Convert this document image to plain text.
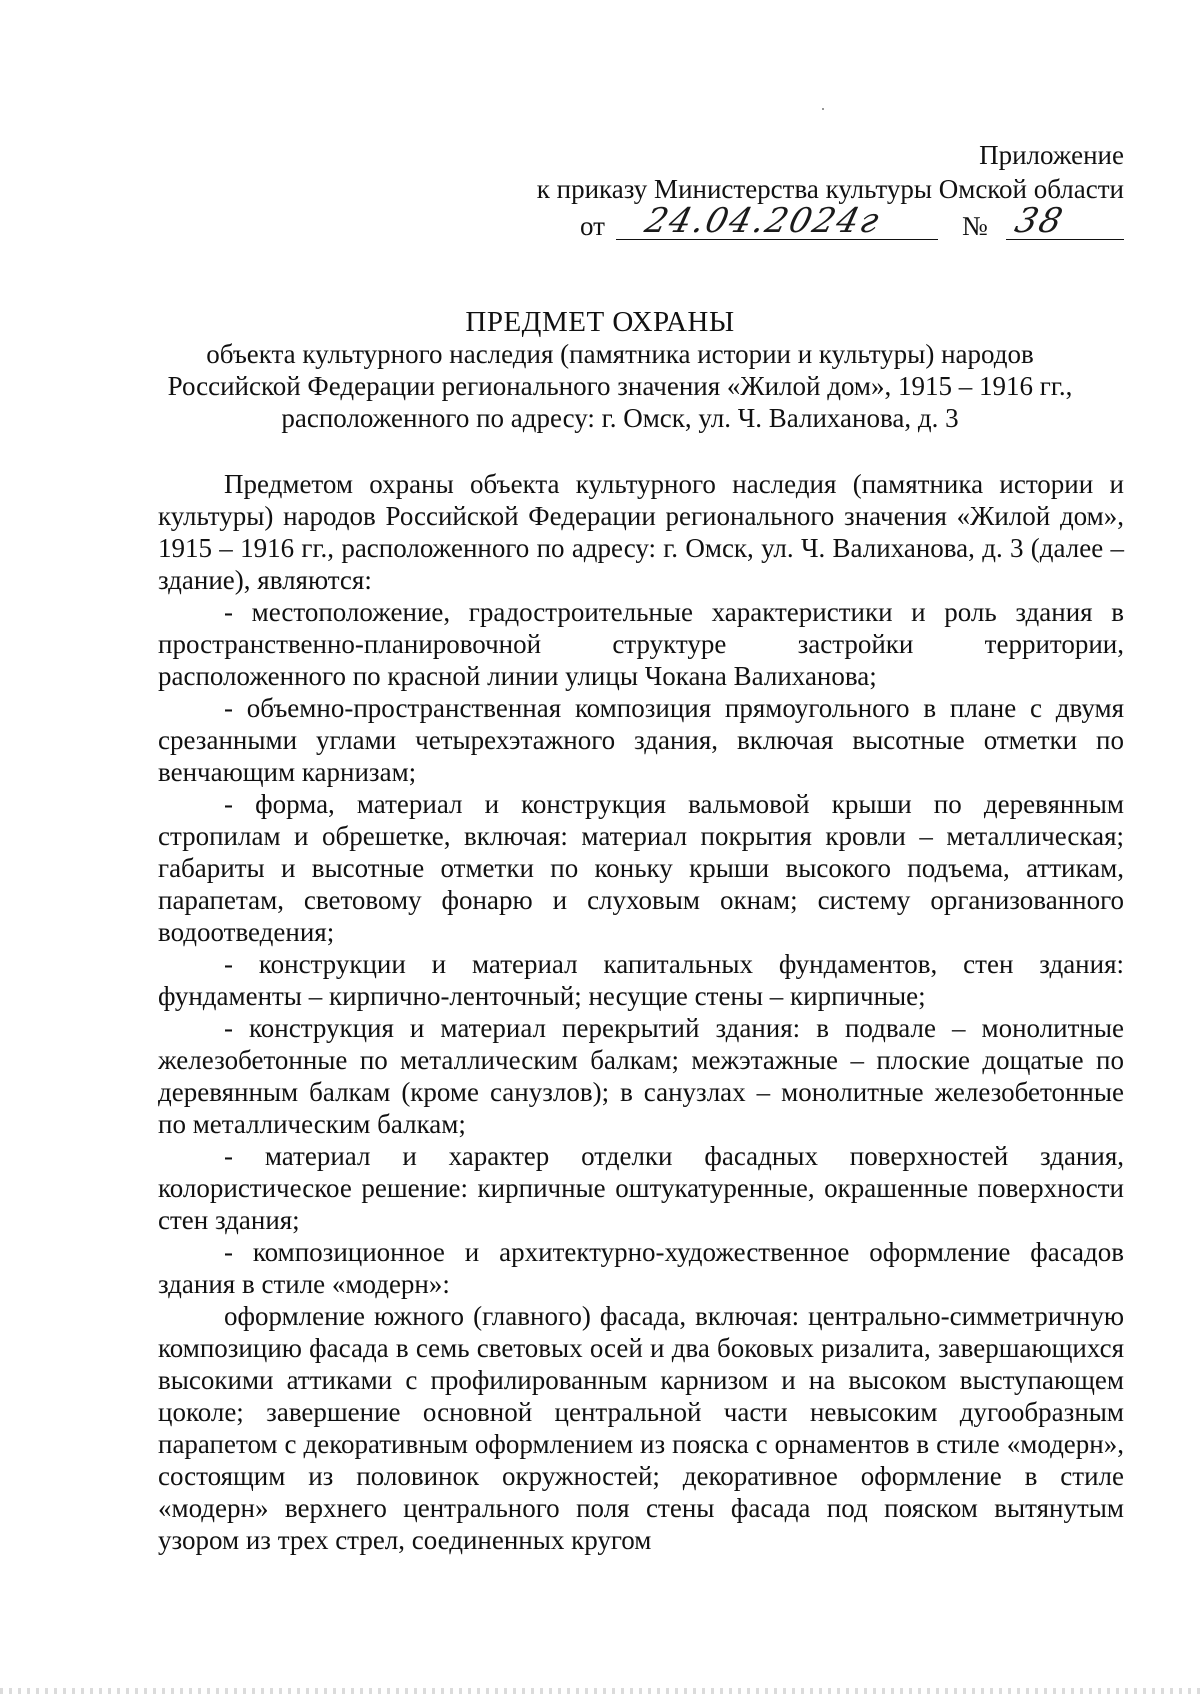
Приложение
к приказу Министерства культуры Омской области
от 24.04.2024г	№ 38
ПРЕДМЕТ ОХРАНЫ
объекта культурного наследия (памятника истории и культуры) народов
Российской Федерации регионального значения «Жилой дом», 1915 – 1916 гг.,
расположенного по адресу: г. Омск, ул. Ч. Валиханова, д. 3

Предметом охраны объекта культурного наследия (памятника истории и культуры) народов Российской Федерации регионального значения «Жилой дом», 1915 – 1916 гг., расположенного по адресу: г. Омск, ул. Ч. Валиханова, д. 3 (далее – здание), являются:

- местоположение, градостроительные характеристики и роль здания в пространственно-планировочной структуре застройки территории, расположенного по красной линии улицы Чокана Валиханова;

- объемно-пространственная композиция прямоугольного в плане с двумя срезанными углами четырехэтажного здания, включая высотные отметки по венчающим карнизам;

- форма, материал и конструкция вальмовой крыши по деревянным стропилам и обрешетке, включая: материал покрытия кровли – металлическая; габариты и высотные отметки по коньку крыши высокого подъема, аттикам, парапетам, световому фонарю и слуховым окнам; систему организованного водоотведения;

- конструкции и материал капитальных фундаментов, стен здания: фундаменты – кирпично-ленточный; несущие стены – кирпичные;

- конструкция и материал перекрытий здания: в подвале – монолитные железобетонные по металлическим балкам; межэтажные – плоские дощатые по деревянным балкам (кроме санузлов); в санузлах – монолитные железобетонные по металлическим балкам;

- материал и характер отделки фасадных поверхностей здания, колористическое решение: кирпичные оштукатуренные, окрашенные поверхности стен здания;

- композиционное и архитектурно-художественное оформление фасадов здания в стиле «модерн»:

оформление южного (главного) фасада, включая: центрально-симметричную композицию фасада в семь световых осей и два боковых ризалита, завершающихся высокими аттиками с профилированным карнизом и на высоком выступающем цоколе; завершение основной центральной части невысоким дугообразным парапетом с декоративным оформлением из пояска с орнаментов в стиле «модерн», состоящим из половинок окружностей; декоративное оформление в стиле «модерн» верхнего центрального поля стены фасада под пояском вытянутым узором из трех стрел, соединенных кругом
